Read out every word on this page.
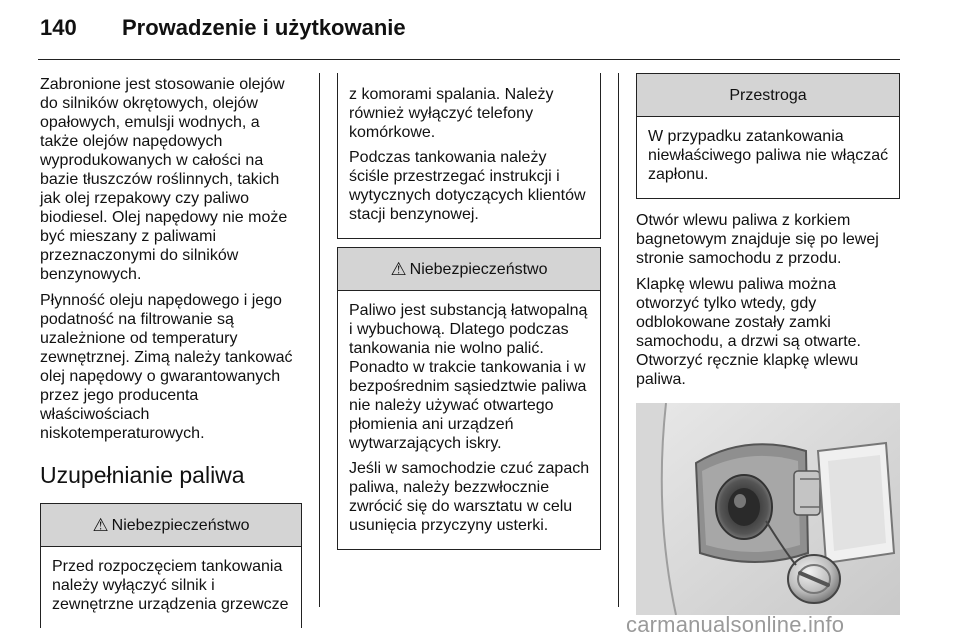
140	Prowadzenie i użytkowanie

Zabronione jest stosowanie olejów do silników okrętowych, olejów opałowych, emulsji wodnych, a także olejów napędowych wyprodukowanych w całości na bazie tłuszczów roślinnych, takich jak olej rzepakowy czy paliwo biodiesel. Olej napędowy nie może być mieszany z paliwami przeznaczonymi do silników benzynowych.

Płynność oleju napędowego i jego podatność na filtrowanie są uzależnione od temperatury zewnętrznej. Zimą należy tankować olej napędowy o gwarantowanych przez jego producenta właściwościach niskotemperaturowych.

Uzupełnianie paliwa
⚠ Niebezpieczeństwo

Przed rozpoczęciem tankowania należy wyłączyć silnik i zewnętrzne urządzenia grzewcze

z komorami spalania. Należy również wyłączyć telefony komórkowe.

Podczas tankowania należy ściśle przestrzegać instrukcji i wytycznych dotyczących klientów stacji benzynowej.

⚠ Niebezpieczeństwo

Paliwo jest substancją łatwopalną i wybuchową. Dlatego podczas tankowania nie wolno palić. Ponadto w trakcie tankowania i w bezpośrednim sąsiedztwie paliwa nie należy używać otwartego płomienia ani urządzeń wytwarzających iskry.

Jeśli w samochodzie czuć zapach paliwa, należy bezzwłocznie zwrócić się do warsztatu w celu usunięcia przyczyny usterki.

Przestroga

W przypadku zatankowania niewłaściwego paliwa nie włączać zapłonu.

Otwór wlewu paliwa z korkiem bagnetowym znajduje się po lewej stronie samochodu z przodu.

Klapkę wlewu paliwa można otworzyć tylko wtedy, gdy odblokowane zostały zamki samochodu, a drzwi są otwarte. Otworzyć ręcznie klapkę wlewu paliwa.

carmanualsonline.info
